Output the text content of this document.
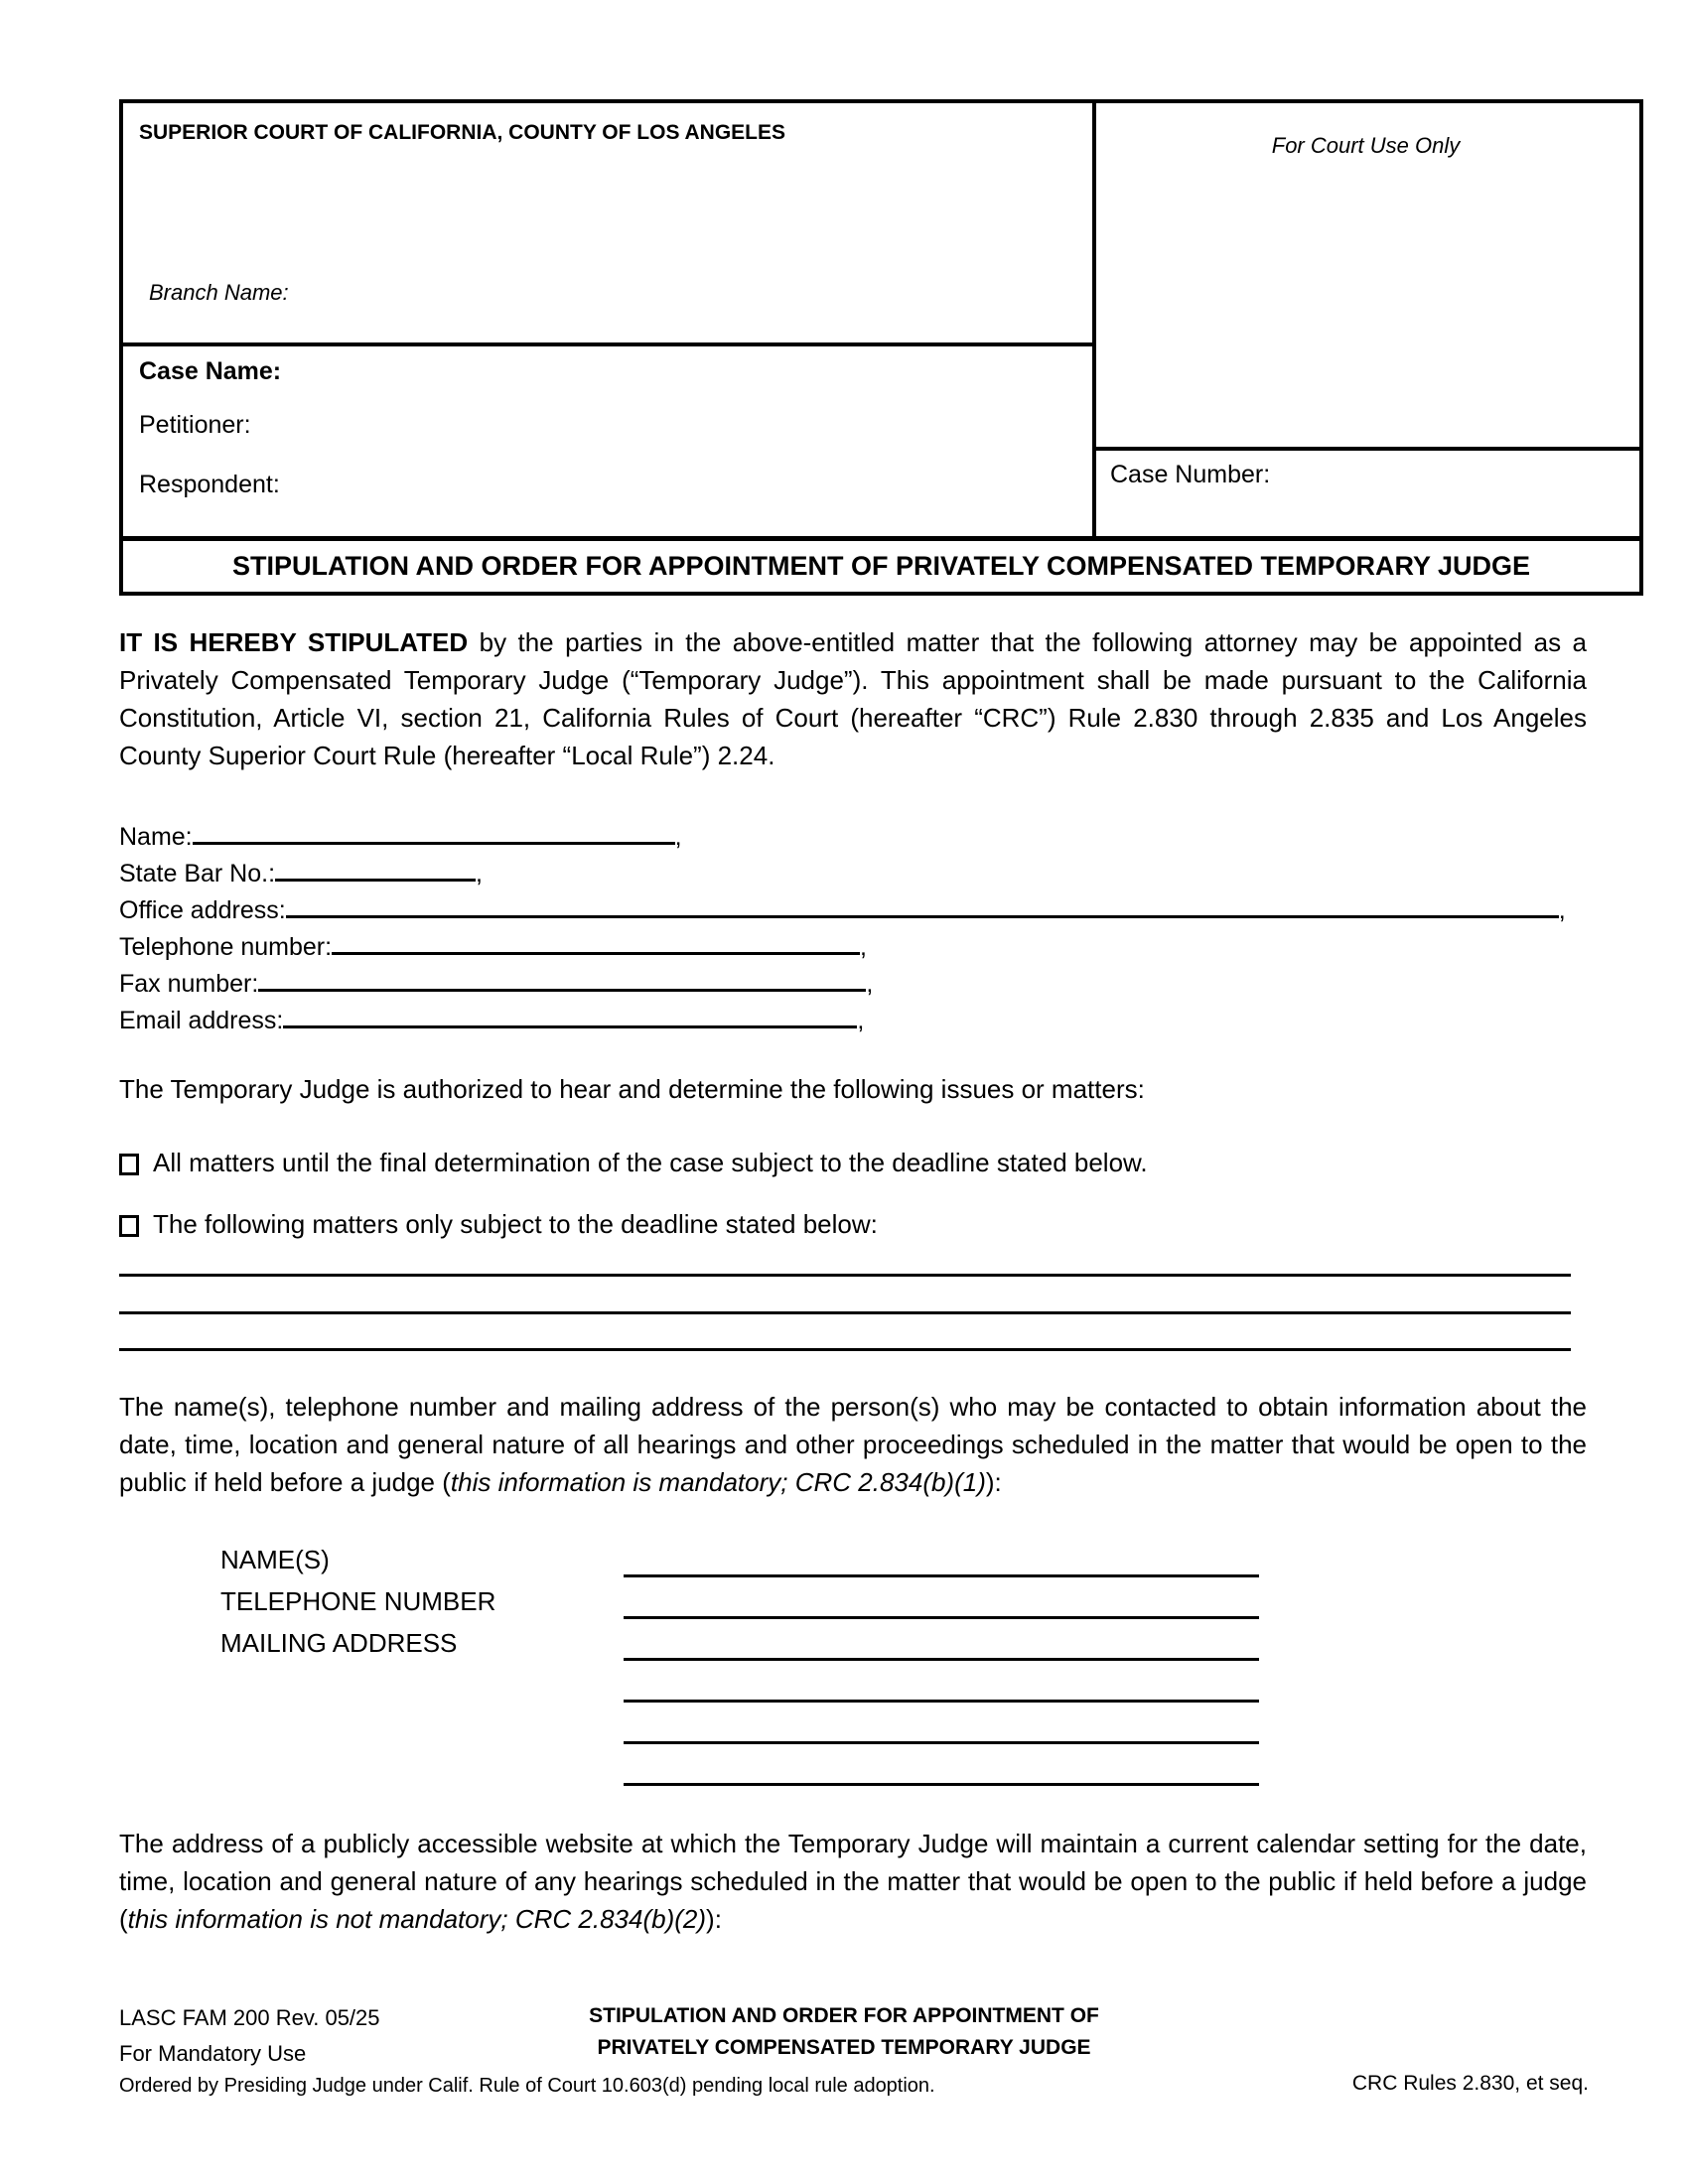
SUPERIOR COURT OF CALIFORNIA, COUNTY OF LOS ANGELES
Branch Name:
For Court Use Only
Case Name:
Petitioner:
Respondent:	Case Number:
STIPULATION AND ORDER FOR APPOINTMENT OF PRIVATELY COMPENSATED TEMPORARY JUDGE

IT IS HEREBY STIPULATED by the parties in the above-entitled matter that the following attorney may be appointed as a Privately Compensated Temporary Judge (“Temporary Judge”). This appointment shall be made pursuant to the California Constitution, Article VI, section 21, California Rules of Court (hereafter “CRC”) Rule 2.830 through 2.835 and Los Angeles County Superior Court Rule (hereafter “Local Rule”) 2.24.

Name:	,
State Bar No.:	,
Office address:	,
Telephone number:	,
Fax number:	,
Email address:	,
The Temporary Judge is authorized to hear and determine the following issues or matters:
All matters until the final determination of the case subject to the deadline stated below.
The following matters only subject to the deadline stated below:

The name(s), telephone number and mailing address of the person(s) who may be contacted to obtain information about the date, time, location and general nature of all hearings and other proceedings scheduled in the matter that would be open to the public if held before a judge (this information is mandatory; CRC 2.834(b)(1)):

NAME(S)
TELEPHONE NUMBER
MAILING ADDRESS

The address of a publicly accessible website at which the Temporary Judge will maintain a current calendar setting for the date, time, location and general nature of any hearings scheduled in the matter that would be open to the public if held before a judge (this information is not mandatory; CRC 2.834(b)(2)):

LASC FAM 200 Rev. 05/25
For Mandatory Use
STIPULATION AND ORDER FOR APPOINTMENT OF
PRIVATELY COMPENSATED TEMPORARY JUDGE
Ordered by Presiding Judge under Calif. Rule of Court 10.603(d) pending local rule adoption.	CRC Rules 2.830, et seq.
